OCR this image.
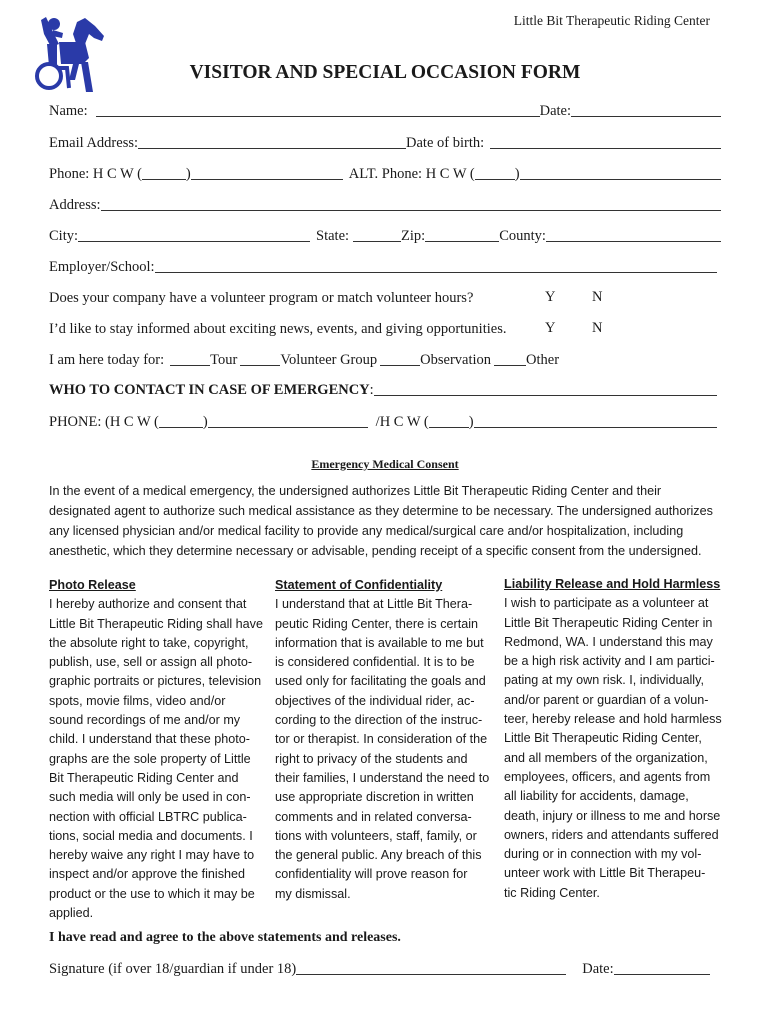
Little Bit Therapeutic Riding Center
VISITOR AND SPECIAL OCCASION FORM
Name:	Date:
Email Address:	Date of birth:
Phone: H C W (	)	ALT. Phone: H C W (	)
Address:
City:	State:	Zip:	County:
Employer/School:
Does your company have a volunteer program or match volunteer hours?	Y	N
I’d like to stay informed about exciting news, events, and giving opportunities.	Y	N
I am here today for:	Tour	Volunteer Group	Observation Other
WHO TO CONTACT IN CASE OF EMERGENCY :
PHONE: (H C W (	)	/H C W (	)
Emergency Medical Consent
In the event of a medical emergency, the undersigned authorizes Little Bit Therapeutic Riding Center and their
designated agent to authorize such medical assistance as they determine to be necessary. The undersigned authorizes
any licensed physician and/or medical facility to provide any medical/surgical care and/or hospitalization, including
anesthetic, which they determine necessary or advisable, pending receipt of a specific consent from the undersigned.
Photo Release
I hereby authorize and consent that
Little Bit Therapeutic Riding shall have
the absolute right to take, copyright,
publish, use, sell or assign all photo-
graphic portraits or pictures, television
spots, movie films, video and/or
sound recordings of me and/or my
child. I understand that these photo-
graphs are the sole property of Little
Bit Therapeutic Riding Center and
such media will only be used in con-
nection with official LBTRC publica-
tions, social media and documents. I
hereby waive any right I may have to
inspect and/or approve the finished
product or the use to which it may be
applied.
Statement of Confidentiality
I understand that at Little Bit Thera-
peutic Riding Center, there is certain
information that is available to me but
is considered confidential. It is to be
used only for facilitating the goals and
objectives of the individual rider, ac-
cording to the direction of the instruc-
tor or therapist. In consideration of the
right to privacy of the students and
their families, I understand the need to
use appropriate discretion in written
comments and in related conversa-
tions with volunteers, staff, family, or
the general public. Any breach of this
confidentiality will prove reason for
my dismissal.
Liability Release and Hold Harmless
I wish to participate as a volunteer at
Little Bit Therapeutic Riding Center in
Redmond, WA. I understand this may
be a high risk activity and I am partici-
pating at my own risk. I, individually,
and/or parent or guardian of a volun-
teer, hereby release and hold harmless
Little Bit Therapeutic Riding Center,
and all members of the organization,
employees, officers, and agents from
all liability for accidents, damage,
death, injury or illness to me and horse
owners, riders and attendants suffered
during or in connection with my vol-
unteer work with Little Bit Therapeu-
tic Riding Center.
I have read and agree to the above statements and releases.
Signature (if over 18/guardian if under 18)	Date:
